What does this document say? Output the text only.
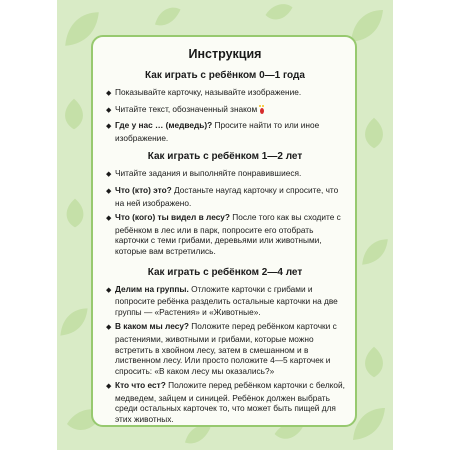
Инструкция
Как играть с ребёнком 0—1 года
◆ Показывайте карточку, называйте изображение.
◆ Читайте текст, обозначенный знаком
◆ Где у нас … (медведь)? Просите найти то или иное изображение.
Как играть с ребёнком 1—2 лет
◆ Читайте задания и выполняйте понравившиеся.
◆ Что (кто) это? Достаньте наугад карточку и спросите, что на ней изображено.
◆ Что (кого) ты видел в лесу? После того как вы сходите с ребёнком в лес или в парк, попросите его отобрать карточки с теми грибами, деревьями или животными, которые вам встретились.
Как играть с ребёнком 2—4 лет
◆ Делим на группы. Отложите карточки с грибами и попросите ребёнка разделить остальные карточки на две группы — «Растения» и «Животные».
◆ В каком мы лесу? Положите перед ребёнком карточки с растениями, животными и грибами, которые можно встретить в хвойном лесу, затем в смешанном и в лиственном лесу. Или просто положите 4—5 карточек и спросить: «В каком лесу мы оказались?»
◆ Кто что ест? Положите перед ребёнком карточки с белкой, медведем, зайцем и синицей. Ребёнок должен выбрать среди остальных карточек то, что может быть пищей для этих животных.
